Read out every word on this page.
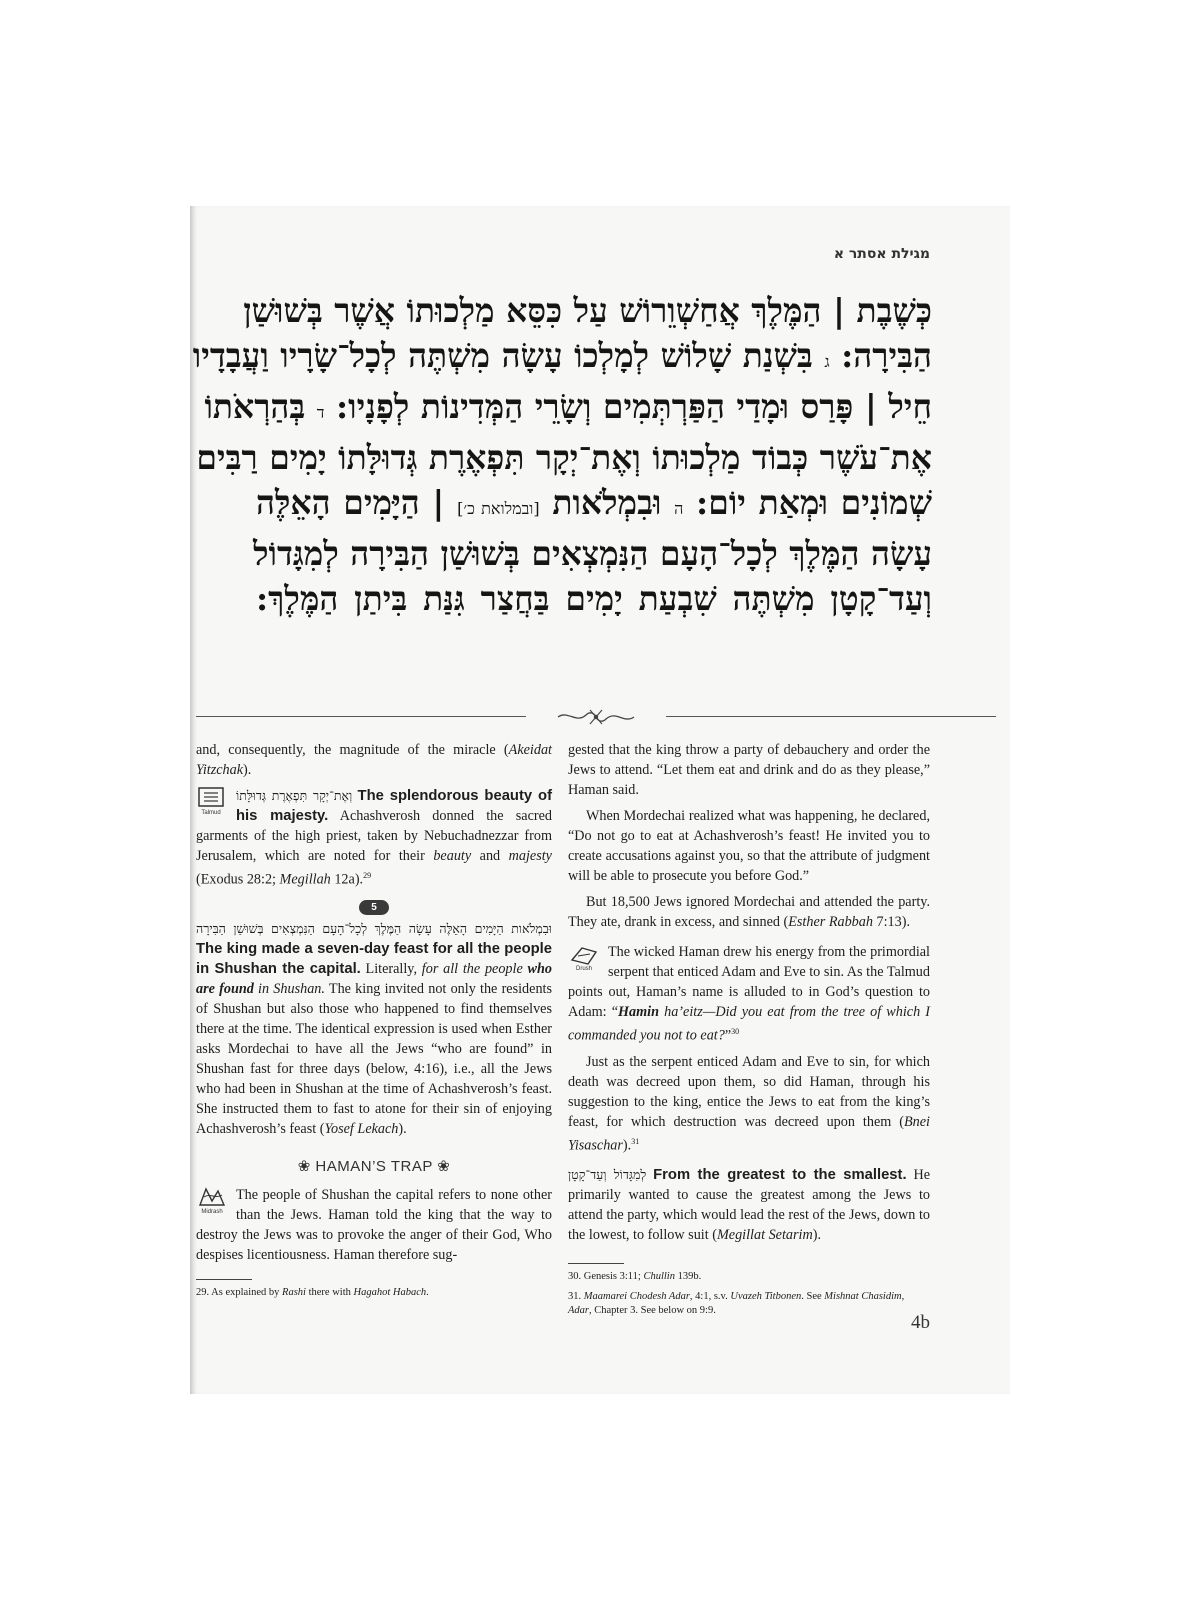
מגילת אסתר א
כְּשֶׁבֶת | הַמֶּלֶךְ אֲחַשְׁוֵרוֹשׁ עַל כִּסֵּא מַלְכוּתוֹ אֲשֶׁר בְּשׁוּשַׁן
הַבִּירָה: ג בִּשְׁנַת שָׁלוֹשׁ לְמָלְכוֹ עָשָׂה מִשְׁתֶּה לְכָל־שָׂרָיו וַעֲבָדָיו
חֵיל | פָּרַס וּמָדַי הַפַּרְתְּמִים וְשָׂרֵי הַמְּדִינוֹת לְפָנָיו: ד בְּהַרְאֹתוֹ
אֶת־עֹשֶׁר כְּבוֹד מַלְכוּתוֹ וְאֶת־יְקָר תִּפְאֶרֶת גְּדוּלָּתוֹ יָמִים רַבִּים
שְׁמוֹנִים וּמְאַת יוֹם: ה וּבִמְלֹאות [ובמלואת כ׳] | הַיָּמִים הָאֵלֶּה
עָשָׂה הַמֶּלֶךְ לְכָל־הָעָם הַנִּמְצְאִים בְּשׁוּשַׁן הַבִּירָה לְמִגָּדוֹל
וְעַד־קָטָן מִשְׁתֶּה שִׁבְעַת יָמִים בַּחֲצַר גִּנַּת בִּיתַן הַמֶּלֶךְ:

and, consequently, the magnitude of the miracle (Akeidat Yitzchak).

Talmud
וְאֶת־יְקָר תִּפְאֶרֶת גְּדוּלָּתוֹ The splendorous beauty of his majesty. Achashverosh donned the sacred garments of the high priest, taken by Nebuchadnezzar from Jerusalem, which are noted for their beauty and majesty (Exodus 28:2; Megillah 12a).$^{29}$

5

וּבִמְלֹאות הַיָּמִים הָאֵלֶּה עָשָׂה הַמֶּלֶךְ לְכָל־הָעָם הַנִּמְצְאִים בְּשׁוּשַׁן הַבִּירָה The king made a seven-day feast for all the people in Shushan the capital. Literally, for all the people who are found in Shushan. The king invited not only the residents of Shushan but also those who happened to find themselves there at the time. The identical expression is used when Esther asks Mordechai to have all the Jews “who are found” in Shushan fast for three days (below, 4:16), i.e., all the Jews who had been in Shushan at the time of Achashverosh’s feast. She instructed them to fast to atone for their sin of enjoying Achashverosh’s feast (Yosef Lekach).

❀ HAMAN’S TRAP ❀

Midrash
The people of Shushan the capital refers to none other than the Jews. Haman told the king that the way to destroy the Jews was to provoke the anger of their God, Who despises licentiousness. Haman therefore sug-

29. As explained by Rashi there with Hagahot Habach.

gested that the king throw a party of debauchery and order the Jews to attend. “Let them eat and drink and do as they please,” Haman said.

When Mordechai realized what was happening, he declared, “Do not go to eat at Achashverosh’s feast! He invited you to create accusations against you, so that the attribute of judgment will be able to prosecute you before God.”

But 18,500 Jews ignored Mordechai and attended the party. They ate, drank in excess, and sinned (Esther Rabbah 7:13).

Drush
The wicked Haman drew his energy from the primordial serpent that enticed Adam and Eve to sin. As the Talmud points out, Haman’s name is alluded to in God’s question to Adam: “Hamin ha’eitz—Did you eat from the tree of which I commanded you not to eat?”$^{30}$

Just as the serpent enticed Adam and Eve to sin, for which death was decreed upon them, so did Haman, through his suggestion to the king, entice the Jews to eat from the king’s feast, for which destruction was decreed upon them (Bnei Yisaschar).$^{31}$

לְמִגָּדוֹל וְעַד־קָטָן From the greatest to the smallest. He primarily wanted to cause the greatest among the Jews to attend the party, which would lead the rest of the Jews, down to the lowest, to follow suit (Megillat Setarim).

30. Genesis 3:11; Chullin 139b.

31. Maamarei Chodesh Adar, 4:1, s.v. Uvazeh Titbonen. See Mishnat Chasidim, Adar, Chapter 3. See below on 9:9.

4b
